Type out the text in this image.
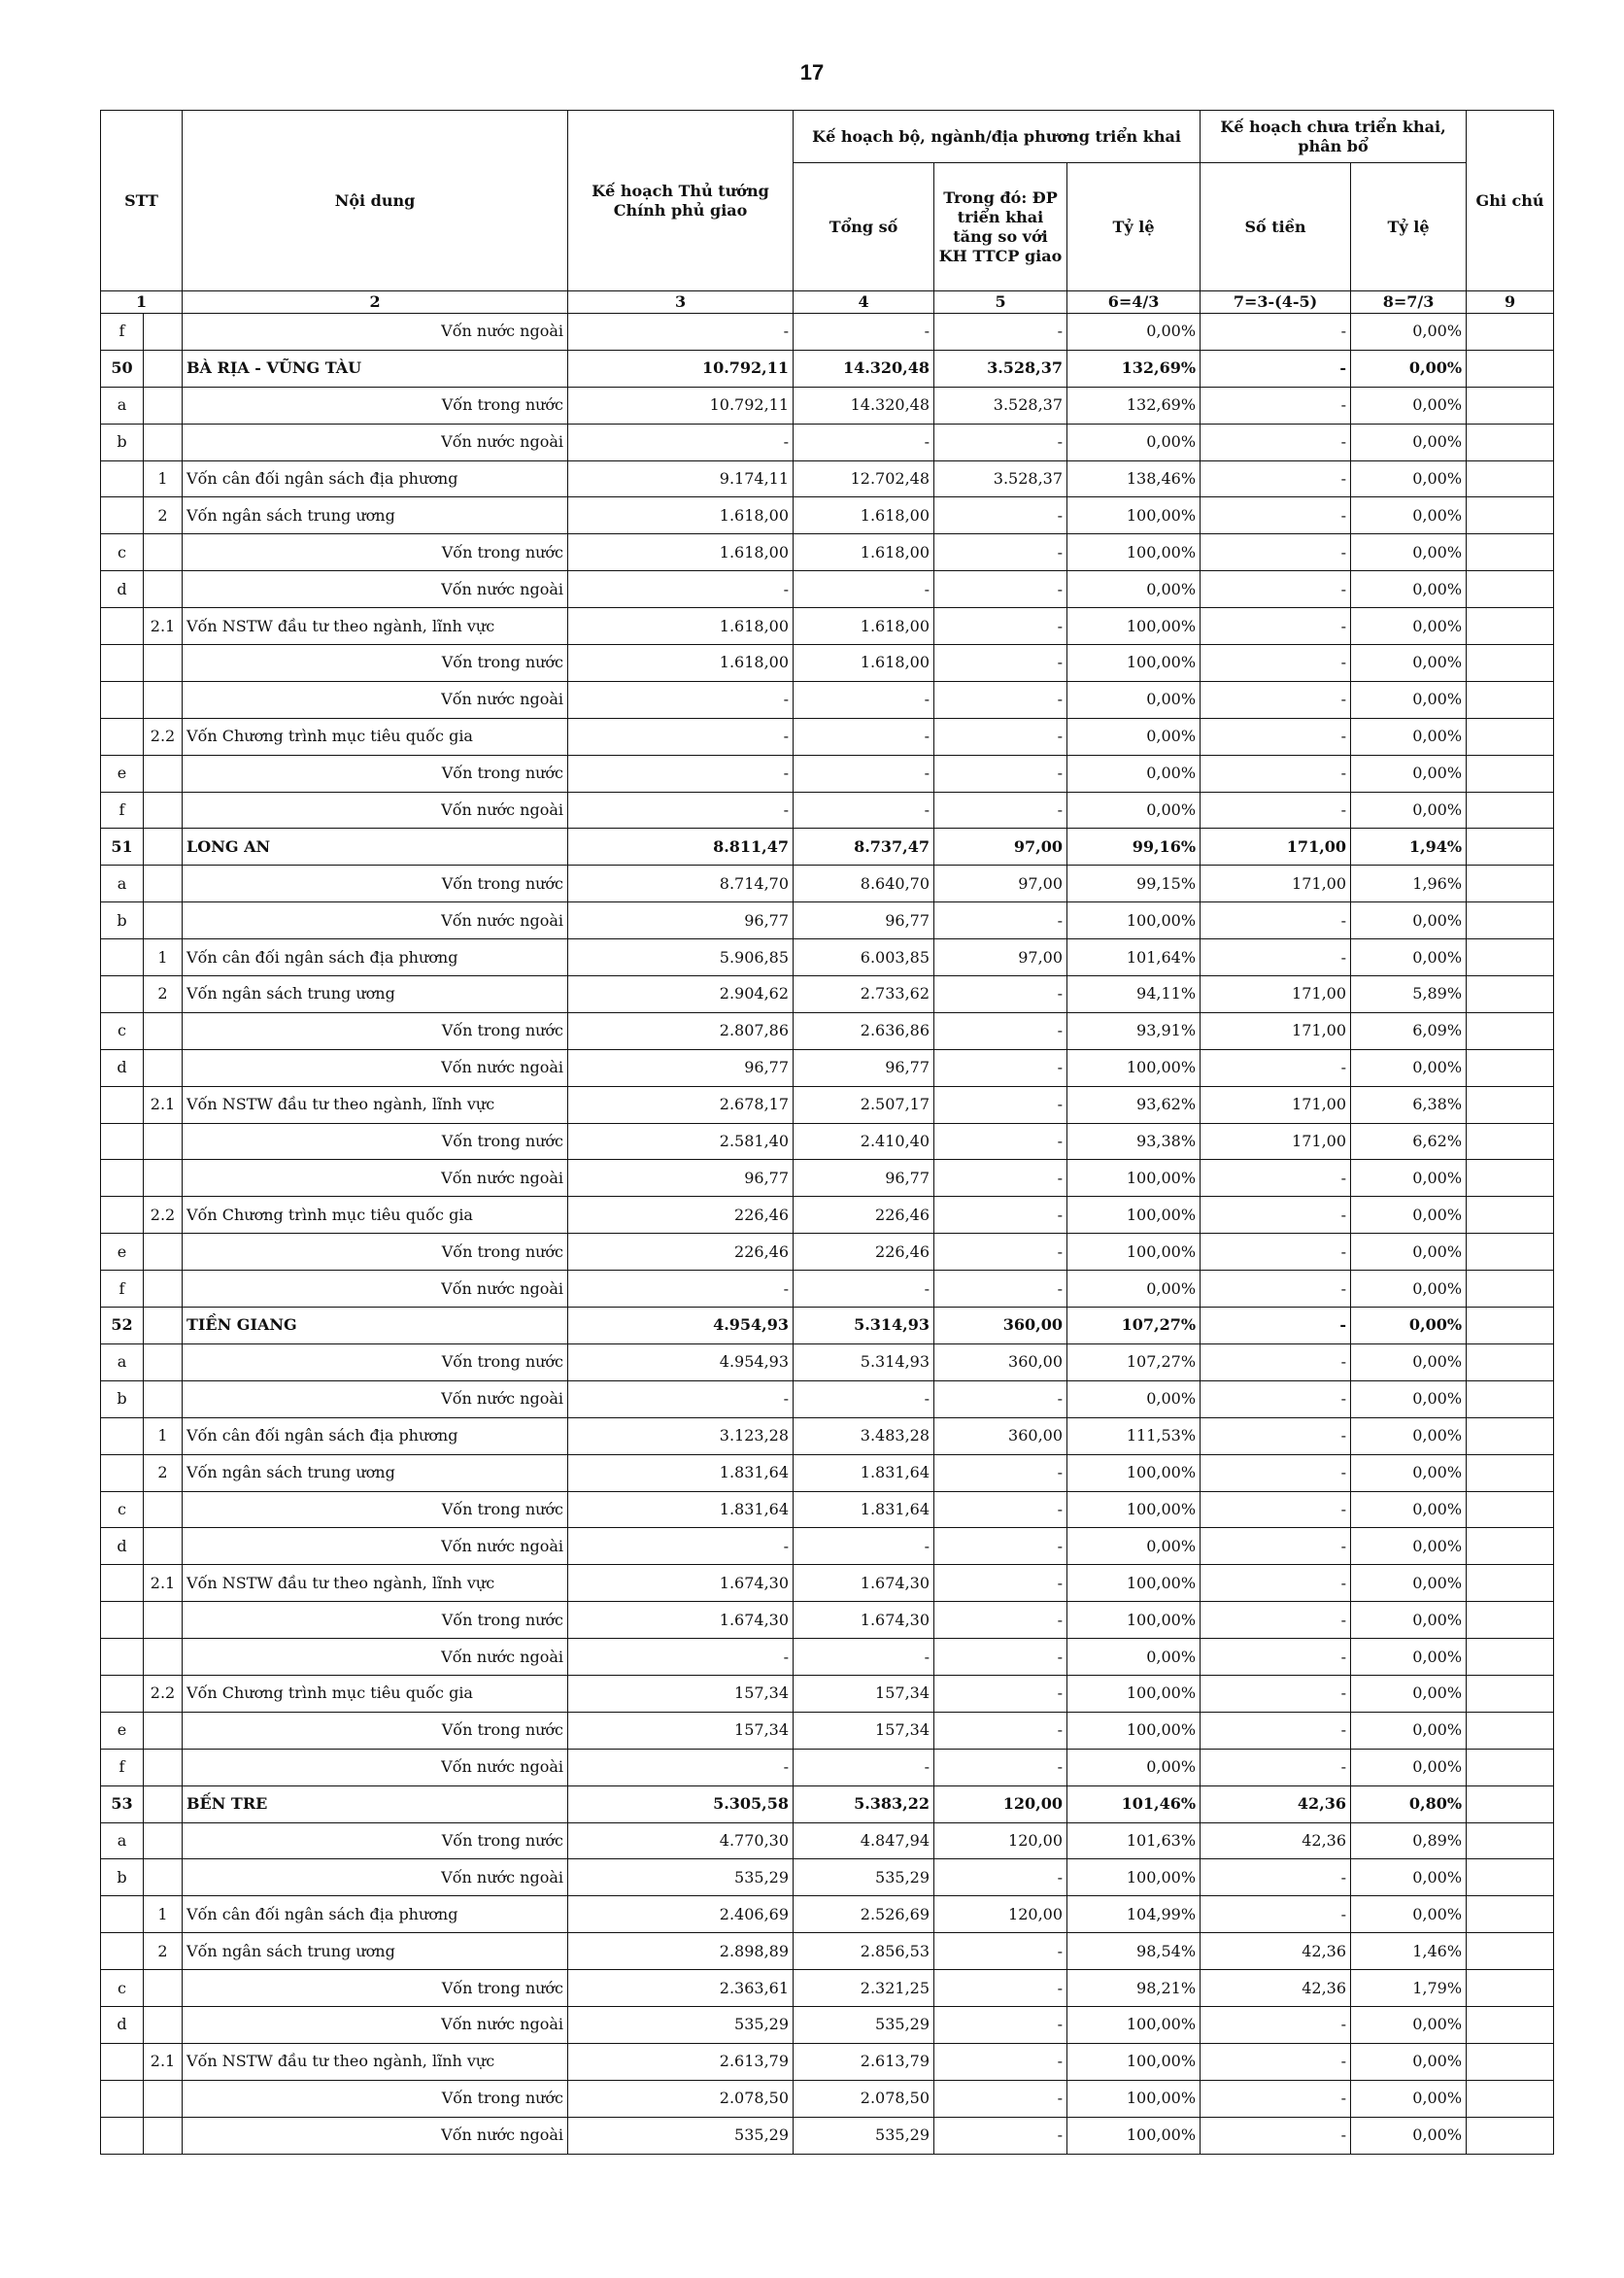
17
STT		Nội dung	Kế hoạch Thủ tướng Chính phủ giao	Kế hoạch bộ, ngành/địa phương triển khai			Kế hoạch chưa triển khai, phân bổ		Ghi chú
				Tổng số	Trong đó: ĐP triển khai tăng so với KH TTCP giao	Tỷ lệ	Số tiền	Tỷ lệ	

1		2	3	4	5	6=4/3	7=3-(4-5)	8=7/3	9
f		Vốn nước ngoài	-	-	-	0,00%	-	0,00%	
50		BÀ RỊA - VŨNG TÀU	10.792,11	14.320,48	3.528,37	132,69%	-	0,00%	
a		Vốn trong nước	10.792,11	14.320,48	3.528,37	132,69%	-	0,00%	
b		Vốn nước ngoài	-	-	-	0,00%	-	0,00%	
	1	Vốn cân đối ngân sách địa phương	9.174,11	12.702,48	3.528,37	138,46%	-	0,00%	
	2	Vốn ngân sách trung ương	1.618,00	1.618,00	-	100,00%	-	0,00%	
c		Vốn trong nước	1.618,00	1.618,00	-	100,00%	-	0,00%	
d		Vốn nước ngoài	-	-	-	0,00%	-	0,00%	
	2.1	Vốn NSTW đầu tư theo ngành, lĩnh vực	1.618,00	1.618,00	-	100,00%	-	0,00%	
		Vốn trong nước	1.618,00	1.618,00	-	100,00%	-	0,00%	
		Vốn nước ngoài	-	-	-	0,00%	-	0,00%	
	2.2	Vốn Chương trình mục tiêu quốc gia	-	-	-	0,00%	-	0,00%	
e		Vốn trong nước	-	-	-	0,00%	-	0,00%	
f		Vốn nước ngoài	-	-	-	0,00%	-	0,00%	
51		LONG AN	8.811,47	8.737,47	97,00	99,16%	171,00	1,94%	
a		Vốn trong nước	8.714,70	8.640,70	97,00	99,15%	171,00	1,96%	
b		Vốn nước ngoài	96,77	96,77	-	100,00%	-	0,00%	
	1	Vốn cân đối ngân sách địa phương	5.906,85	6.003,85	97,00	101,64%	-	0,00%	
	2	Vốn ngân sách trung ương	2.904,62	2.733,62	-	94,11%	171,00	5,89%	
c		Vốn trong nước	2.807,86	2.636,86	-	93,91%	171,00	6,09%	
d		Vốn nước ngoài	96,77	96,77	-	100,00%	-	0,00%	
	2.1	Vốn NSTW đầu tư theo ngành, lĩnh vực	2.678,17	2.507,17	-	93,62%	171,00	6,38%	
		Vốn trong nước	2.581,40	2.410,40	-	93,38%	171,00	6,62%	
		Vốn nước ngoài	96,77	96,77	-	100,00%	-	0,00%	
	2.2	Vốn Chương trình mục tiêu quốc gia	226,46	226,46	-	100,00%	-	0,00%	
e		Vốn trong nước	226,46	226,46	-	100,00%	-	0,00%	
f		Vốn nước ngoài	-	-	-	0,00%	-	0,00%	
52		TIỀN GIANG	4.954,93	5.314,93	360,00	107,27%	-	0,00%	
a		Vốn trong nước	4.954,93	5.314,93	360,00	107,27%	-	0,00%	
b		Vốn nước ngoài	-	-	-	0,00%	-	0,00%	
	1	Vốn cân đối ngân sách địa phương	3.123,28	3.483,28	360,00	111,53%	-	0,00%	
	2	Vốn ngân sách trung ương	1.831,64	1.831,64	-	100,00%	-	0,00%	
c		Vốn trong nước	1.831,64	1.831,64	-	100,00%	-	0,00%	
d		Vốn nước ngoài	-	-	-	0,00%	-	0,00%	
	2.1	Vốn NSTW đầu tư theo ngành, lĩnh vực	1.674,30	1.674,30	-	100,00%	-	0,00%	
		Vốn trong nước	1.674,30	1.674,30	-	100,00%	-	0,00%	
		Vốn nước ngoài	-	-	-	0,00%	-	0,00%	
	2.2	Vốn Chương trình mục tiêu quốc gia	157,34	157,34	-	100,00%	-	0,00%	
e		Vốn trong nước	157,34	157,34	-	100,00%	-	0,00%	
f		Vốn nước ngoài	-	-	-	0,00%	-	0,00%	
53		BẾN TRE	5.305,58	5.383,22	120,00	101,46%	42,36	0,80%	
a		Vốn trong nước	4.770,30	4.847,94	120,00	101,63%	42,36	0,89%	
b		Vốn nước ngoài	535,29	535,29	-	100,00%	-	0,00%	
	1	Vốn cân đối ngân sách địa phương	2.406,69	2.526,69	120,00	104,99%	-	0,00%	
	2	Vốn ngân sách trung ương	2.898,89	2.856,53	-	98,54%	42,36	1,46%	
c		Vốn trong nước	2.363,61	2.321,25	-	98,21%	42,36	1,79%	
d		Vốn nước ngoài	535,29	535,29	-	100,00%	-	0,00%	
	2.1	Vốn NSTW đầu tư theo ngành, lĩnh vực	2.613,79	2.613,79	-	100,00%	-	0,00%	
		Vốn trong nước	2.078,50	2.078,50	-	100,00%	-	0,00%	
		Vốn nước ngoài	535,29	535,29	-	100,00%	-	0,00%	
